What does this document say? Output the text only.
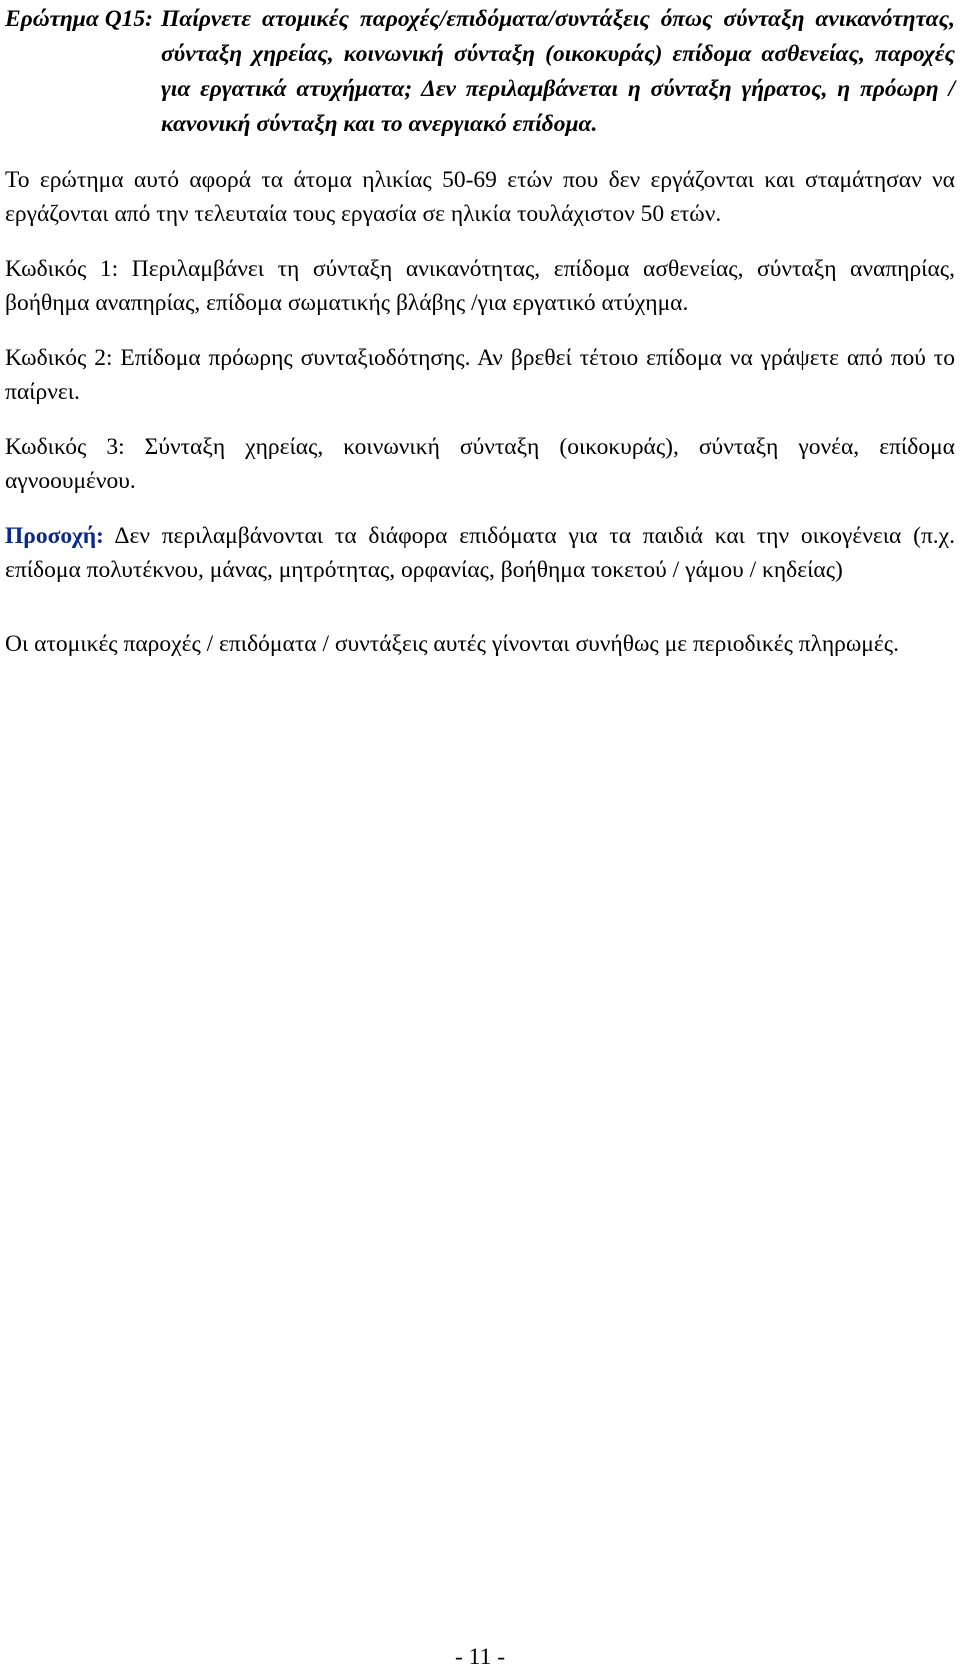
Ερώτημα Q15: Παίρνετε ατομικές παροχές/επιδόματα/συντάξεις όπως σύνταξη ανικανότητας, σύνταξη χηρείας, κοινωνική σύνταξη (οικοκυράς) επίδομα ασθενείας, παροχές για εργατικά ατυχήματα; Δεν περιλαμβάνεται η σύνταξη γήρατος, η πρόωρη /κανονική σύνταξη και το ανεργιακό επίδομα.

Το ερώτημα αυτό αφορά τα άτομα ηλικίας 50-69 ετών που δεν εργάζονται και σταμάτησαν να εργάζονται από την τελευταία τους εργασία σε ηλικία τουλάχιστον 50 ετών.

Κωδικός 1: Περιλαμβάνει τη σύνταξη ανικανότητας, επίδομα ασθενείας, σύνταξη αναπηρίας, βοήθημα αναπηρίας, επίδομα σωματικής βλάβης /για εργατικό ατύχημα.

Κωδικός 2: Επίδομα πρόωρης συνταξιοδότησης. Αν βρεθεί τέτοιο επίδομα να γράψετε από πού το παίρνει.

Κωδικός 3: Σύνταξη χηρείας, κοινωνική σύνταξη (οικοκυράς), σύνταξη γονέα, επίδομα αγνοουμένου.

Προσοχή: Δεν περιλαμβάνονται τα διάφορα επιδόματα για τα παιδιά και την οικογένεια (π.χ. επίδομα πολυτέκνου, μάνας, μητρότητας, ορφανίας, βοήθημα τοκετού / γάμου / κηδείας)

Οι ατομικές παροχές / επιδόματα / συντάξεις αυτές γίνονται συνήθως με περιοδικές πληρωμές.

- 11 -
